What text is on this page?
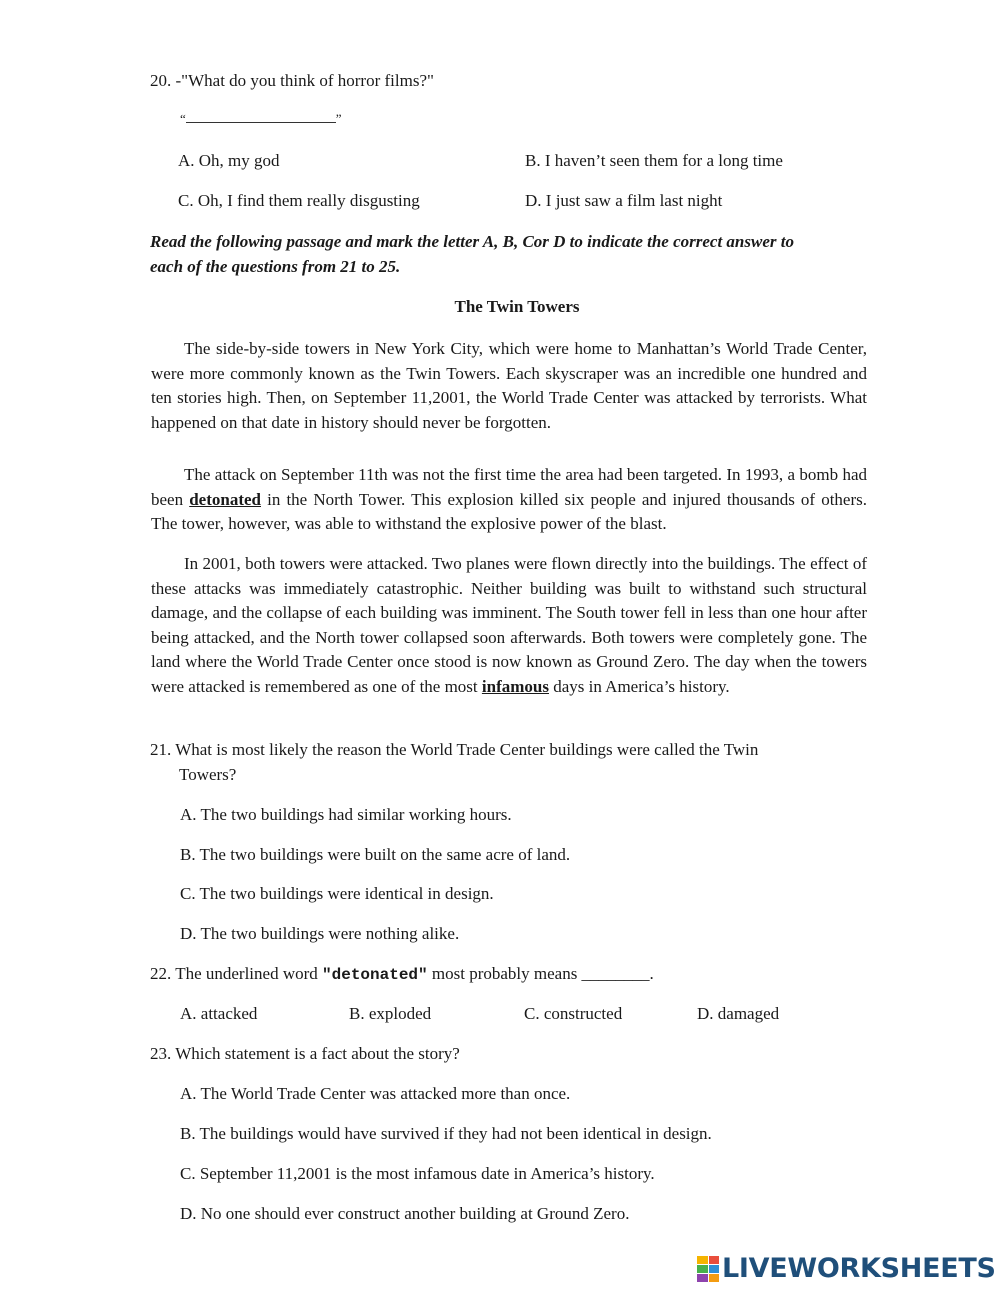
20. -"What do you think of horror films?"
“	”
A. Oh, my god	B. I haven’t seen them for a long time
C. Oh, I find them really disgusting	D. I just saw a film last night
Read the following passage and mark the letter A, B, Cor D to indicate the correct answer to
each of the questions from 21 to 25.
The Twin Towers

The side-by-side towers in New York City, which were home to Manhattan’s World Trade Center, were more commonly known as the Twin Towers. Each skyscraper was an incredible one hundred and ten stories high. Then, on September 11,2001, the World Trade Center was attacked by terrorists. What happened on that date in history should never be forgotten.

The attack on September 11th was not the first time the area had been targeted. In 1993, a bomb had been detonated in the North Tower. This explosion killed six people and injured thousands of others. The tower, however, was able to withstand the explosive power of the blast.

In 2001, both towers were attacked. Two planes were flown directly into the buildings. The effect of these attacks was immediately catastrophic. Neither building was built to withstand such structural damage, and the collapse of each building was imminent. The South tower fell in less than one hour after being attacked, and the North tower collapsed soon afterwards. Both towers were completely gone. The land where the World Trade Center once stood is now known as Ground Zero. The day when the towers were attacked is remembered as one of the most infamous days in America’s history.

21. What is most likely the reason the World Trade Center buildings were called the Twin
Towers?
A. The two buildings had similar working hours.
B. The two buildings were built on the same acre of land.
C. The two buildings were identical in design.
D. The two buildings were nothing alike.
22. The underlined word "detonated" most probably means ________.
A. attacked	B. exploded	C. constructed	D. damaged
23. Which statement is a fact about the story?
A. The World Trade Center was attacked more than once.
B. The buildings would have survived if they had not been identical in design.
C. September 11,2001 is the most infamous date in America’s history.
D. No one should ever construct another building at Ground Zero.
LIVEWORKSHEETS
